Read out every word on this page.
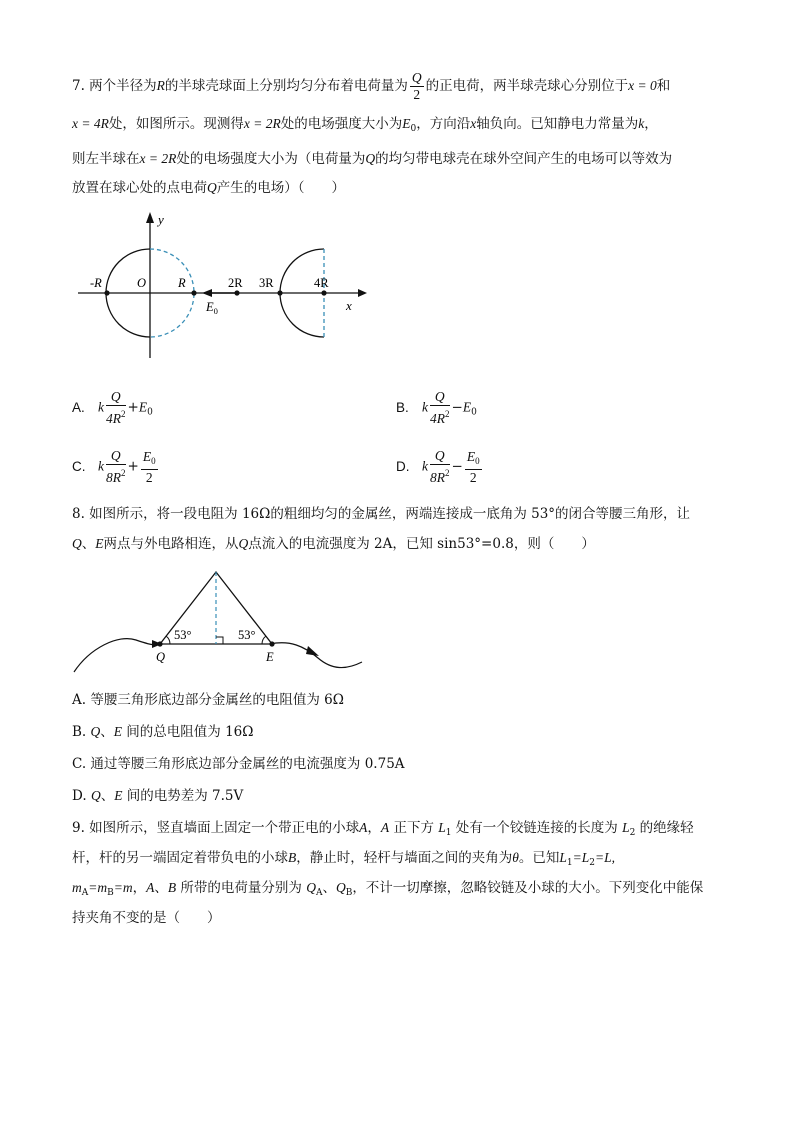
7. 两个半径为R的半球壳球面上分别均匀分布着电荷量为 $\frac{Q}{2}$ 的正电荷，两半球壳球心分别位于x = 0和
x = 4R处，如图所示。现测得x = 2R处的电场强度大小为$E_0$，方向沿x轴负向。已知静电力常量为k，
则左半球在x = 2R处的电场强度大小为（电荷量为Q的均匀带电球壳在球外空间产生的电场可以等效为
放置在球心处的点电荷Q产生的电场）（　　）
y
x
-R	O	R	2R 3R	4R
$E_0$
A. k $\frac{Q}{4R^2} +E_0$	B. k $\frac{Q}{4R^2} -E_0$
C. k $\frac{Q}{8R^2} + \frac{E_0}{2}$	D. k $\frac{Q}{8R^2} - \frac{E_0}{2}$
8. 如图所示，将一段电阻为 16Ω的粗细均匀的金属丝，两端连接成一底角为 53°的闭合等腰三角形，让
Q、E两点与外电路相连，从Q点流入的电流强度为 2A，已知 sin53°=0.8，则（　　）
53°	53°
Q	E
A. 等腰三角形底边部分金属丝的电阻值为 6Ω
B. Q、E 间的总电阻值为 16Ω
C. 通过等腰三角形底边部分金属丝的电流强度为 0.75A
D. Q、E 间的电势差为 7.5V
9. 如图所示，竖直墙面上固定一个带正电的小球A，A 正下方 $L_1$ 处有一个铰链连接的长度为 $L_2$ 的绝缘轻
杆，杆的另一端固定着带负电的小球B，静止时，轻杆与墙面之间的夹角为θ。已知$L_1=L_2=L$,
$m_A=m_B=m$，A、B 所带的电荷量分别为 $Q_A$、$Q_B$，不计一切摩擦，忽略铰链及小球的大小。下列变化中能保
持夹角不变的是（　　）
